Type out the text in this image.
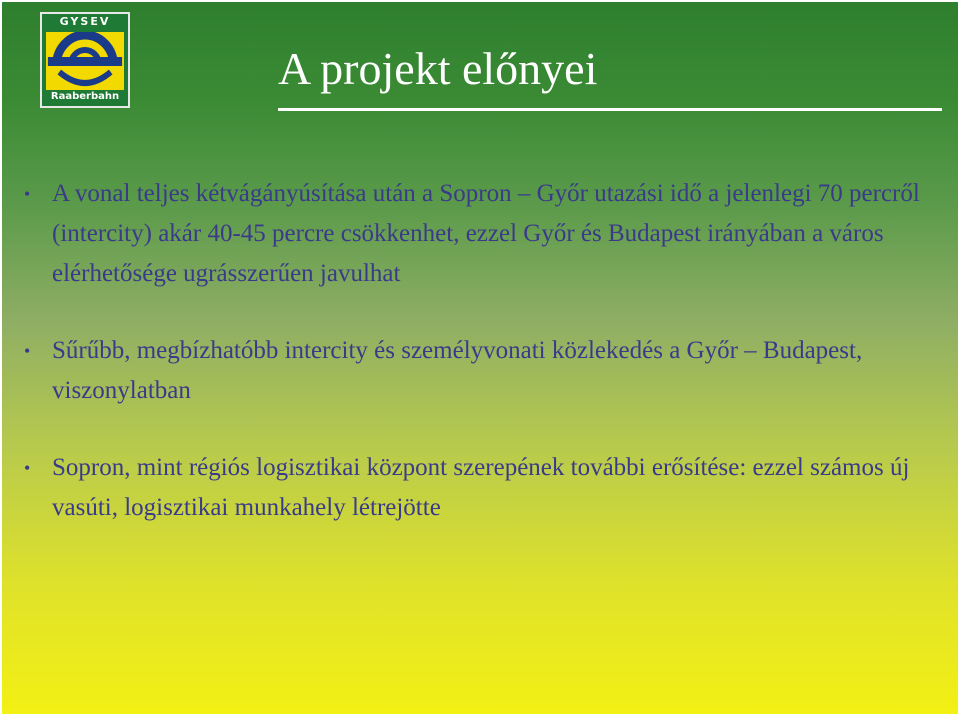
GYSEV
Raaberbahn
A projekt előnyei
• A vonal teljes kétvágányúsítása után a Sopron – Győr utazási idő a jelenlegi 70 percről (intercity) akár 40-45 percre csökkenhet, ezzel Győr és Budapest irányában a város elérhetősége ugrásszerűen javulhat
• Sűrűbb, megbízhatóbb intercity és személyvonati közlekedés a Győr – Budapest, viszonylatban
• Sopron, mint régiós logisztikai központ szerepének további erősítése: ezzel számos új vasúti, logisztikai munkahely létrejötte
